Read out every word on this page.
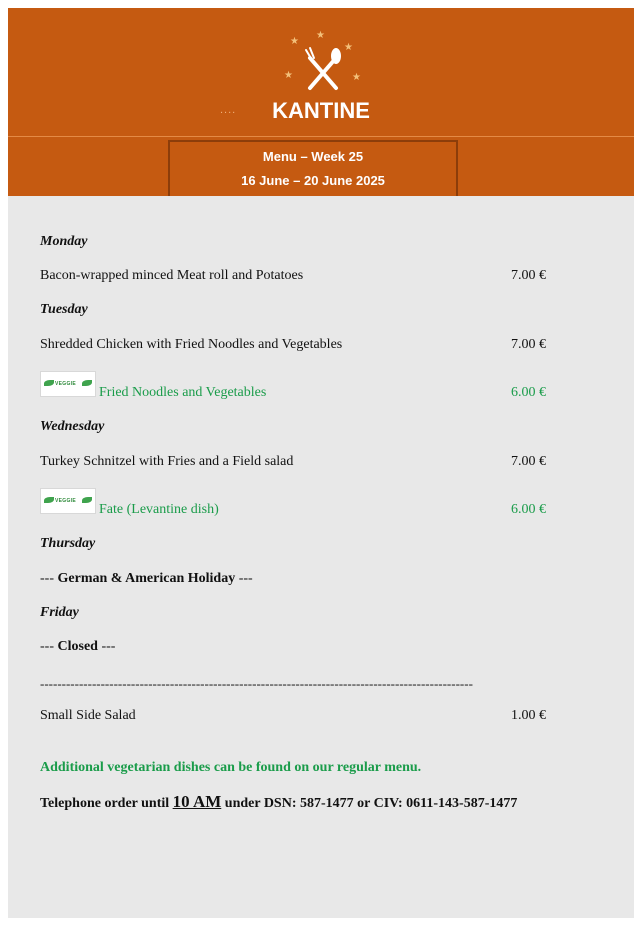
★
★
★
★	★
....	KANTINE
Menu – Week 25
16 June – 20 June 2025
Monday
Bacon-wrapped minced Meat roll and Potatoes	7.00 €
Tuesday
Shredded Chicken with Fried Noodles and Vegetables	7.00 €
VEGGIE
Fried Noodles and Vegetables	6.00 €
Wednesday
Turkey Schnitzel with Fries and a Field salad	7.00 €
VEGGIE
Fate (Levantine dish)	6.00 €
Thursday
--- German & American Holiday ---
Friday
--- Closed ---
----------------------------------------------------------------------------------------------------
Small Side Salad	1.00 €
Additional vegetarian dishes can be found on our regular menu.
Telephone order until 10 AM under DSN: 587-1477 or CIV: 0611-143-587-1477
